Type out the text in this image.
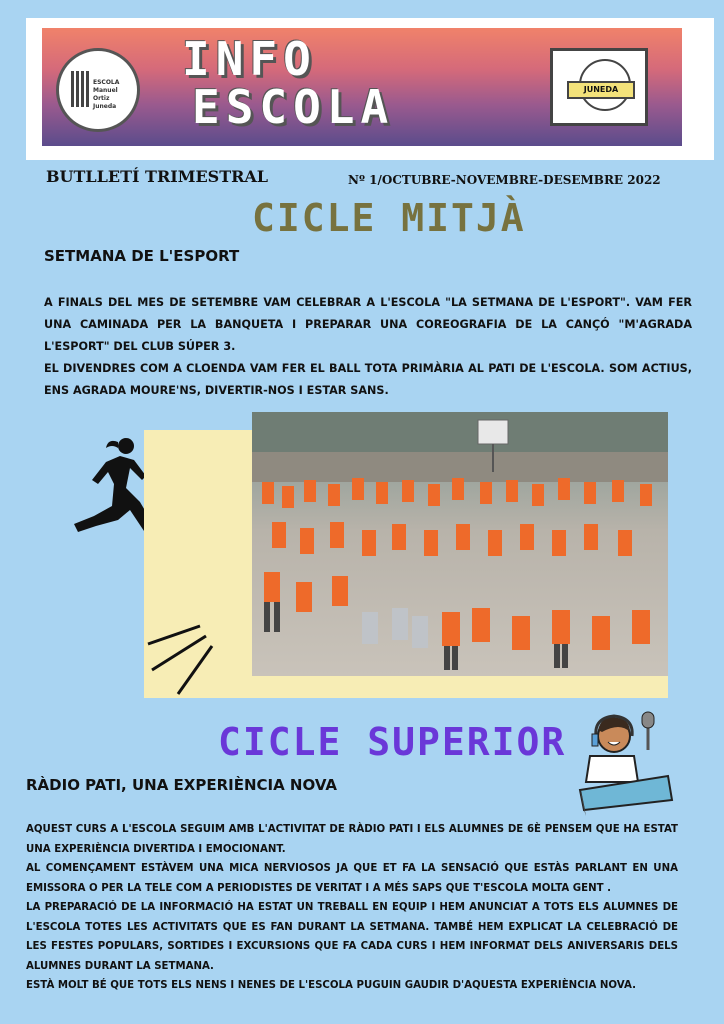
ESCOLA Manuel Ortiz Juneda
INFO
ESCOLA	JUNEDA
BUTLLETÍ TRIMESTRAL	Nº 1/OCTUBRE-NOVEMBRE-DESEMBRE 2022
CICLE MITJÀ
SETMANA DE L'ESPORT
A FINALS DEL MES DE SETEMBRE VAM CELEBRAR A L'ESCOLA "LA SETMANA DE L'ESPORT". VAM FER UNA CAMINADA PER LA BANQUETA I PREPARAR UNA COREOGRAFIA DE LA CANÇÓ "M'AGRADA L'ESPORT" DEL CLUB SÚPER 3.
EL DIVENDRES COM A CLOENDA VAM FER EL BALL TOTA PRIMÀRIA AL PATI DE L'ESCOLA. SOM ACTIUS, ENS AGRADA MOURE'NS, DIVERTIR-NOS I ESTAR SANS.
CICLE SUPERIOR
RÀDIO PATI, UNA EXPERIÈNCIA NOVA
AQUEST CURS A L'ESCOLA SEGUIM AMB L'ACTIVITAT DE RÀDIO PATI I ELS ALUMNES DE 6È PENSEM QUE HA ESTAT UNA EXPERIÈNCIA DIVERTIDA I EMOCIONANT.
AL COMENÇAMENT ESTÀVEM UNA MICA NERVIOSOS JA QUE ET FA LA SENSACIÓ QUE ESTÀS PARLANT EN UNA EMISSORA O PER LA TELE COM A PERIODISTES DE VERITAT I A MÉS SAPS QUE T'ESCOLA MOLTA GENT .
LA PREPARACIÓ DE LA INFORMACIÓ HA ESTAT UN TREBALL EN EQUIP I HEM ANUNCIAT A TOTS ELS ALUMNES DE L'ESCOLA TOTES LES ACTIVITATS QUE ES FAN DURANT LA SETMANA. TAMBÉ HEM EXPLICAT LA CELEBRACIÓ DE LES FESTES POPULARS, SORTIDES I EXCURSIONS QUE FA CADA CURS I HEM INFORMAT DELS ANIVERSARIS DELS ALUMNES DURANT LA SETMANA.
ESTÀ MOLT BÉ QUE TOTS ELS NENS I NENES DE L'ESCOLA PUGUIN GAUDIR D'AQUESTA EXPERIÈNCIA NOVA.
